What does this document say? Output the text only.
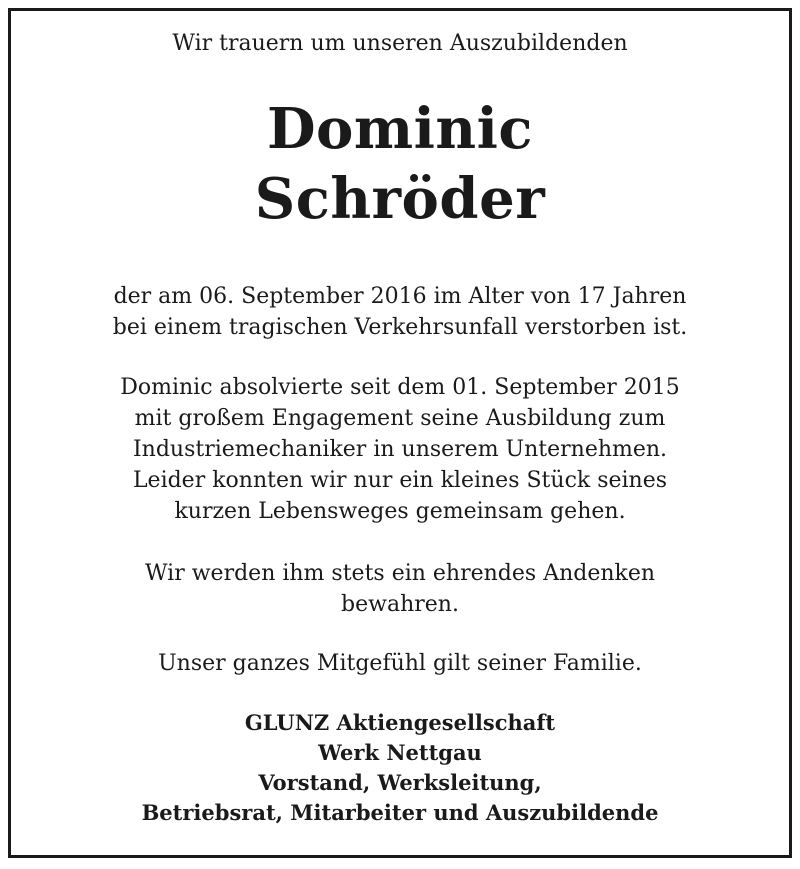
Wir trauern um unseren Auszubildenden
Dominic
Schröder
der am 06. September 2016 im Alter von 17 Jahren
bei einem tragischen Verkehrsunfall verstorben ist.
Dominic absolvierte seit dem 01. September 2015
mit großem Engagement seine Ausbildung zum
Industriemechaniker in unserem Unternehmen.
Leider konnten wir nur ein kleines Stück seines
kurzen Lebensweges gemeinsam gehen.
Wir werden ihm stets ein ehrendes Andenken
bewahren.
Unser ganzes Mitgefühl gilt seiner Familie.
GLUNZ Aktiengesellschaft
Werk Nettgau
Vorstand, Werksleitung,
Betriebsrat, Mitarbeiter und Auszubildende
